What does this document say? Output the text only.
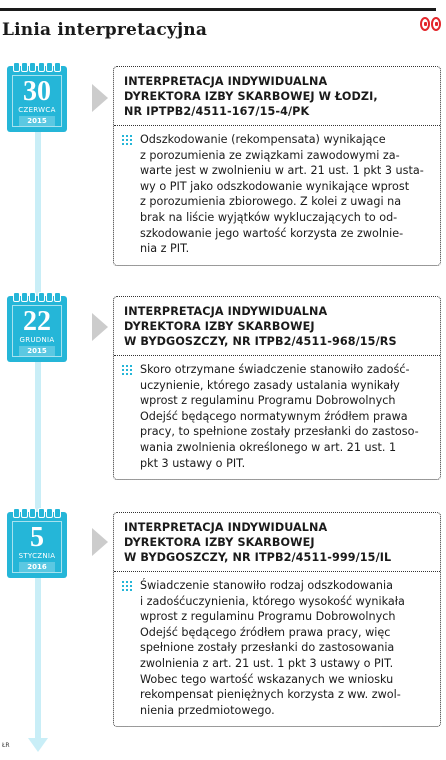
Linia interpretacyjna
30
CZERWCA
2015
INTERPRETACJA INDYWIDUALNA
DYREKTORA IZBY SKARBOWEJ W ŁODZI,
NR IPTPB2/4511-167/15-4/PK
Odszkodowanie (rekompensata) wynikające
z porozumienia ze związkami zawodowymi za-
warte jest w zwolnieniu w art. 21 ust. 1 pkt 3 usta-
wy o PIT jako odszkodowanie wynikające wprost
z porozumienia zbiorowego. Z kolei z uwagi na
brak na liście wyjątków wykluczających to od-
szkodowanie jego wartość korzysta ze zwolnie-
nia z PIT.
22
GRUDNIA
2015
INTERPRETACJA INDYWIDUALNA
DYREKTORA IZBY SKARBOWEJ
W BYDGOSZCZY, NR ITPB2/4511-968/15/RS
Skoro otrzymane świadczenie stanowiło zadość-
uczynienie, którego zasady ustalania wynikały
wprost z regulaminu Programu Dobrowolnych
Odejść będącego normatywnym źródłem prawa
pracy, to spełnione zostały przesłanki do zastoso-
wania zwolnienia określonego w art. 21 ust. 1
pkt 3 ustawy o PIT.
5
STYCZNIA
2016
INTERPRETACJA INDYWIDUALNA
DYREKTORA IZBY SKARBOWEJ
W BYDGOSZCZY, NR ITPB2/4511-999/15/IL
Świadczenie stanowiło rodzaj odszkodowania
i zadośćuczynienia, którego wysokość wynikała
wprost z regulaminu Programu Dobrowolnych
Odejść będącego źródłem prawa pracy, więc
spełnione zostały przesłanki do zastosowania
zwolnienia z art. 21 ust. 1 pkt 3 ustawy o PIT.
Wobec tego wartość wskazanych we wniosku
rekompensat pieniężnych korzysta z ww. zwol-
nienia przedmiotowego.
ŁR
